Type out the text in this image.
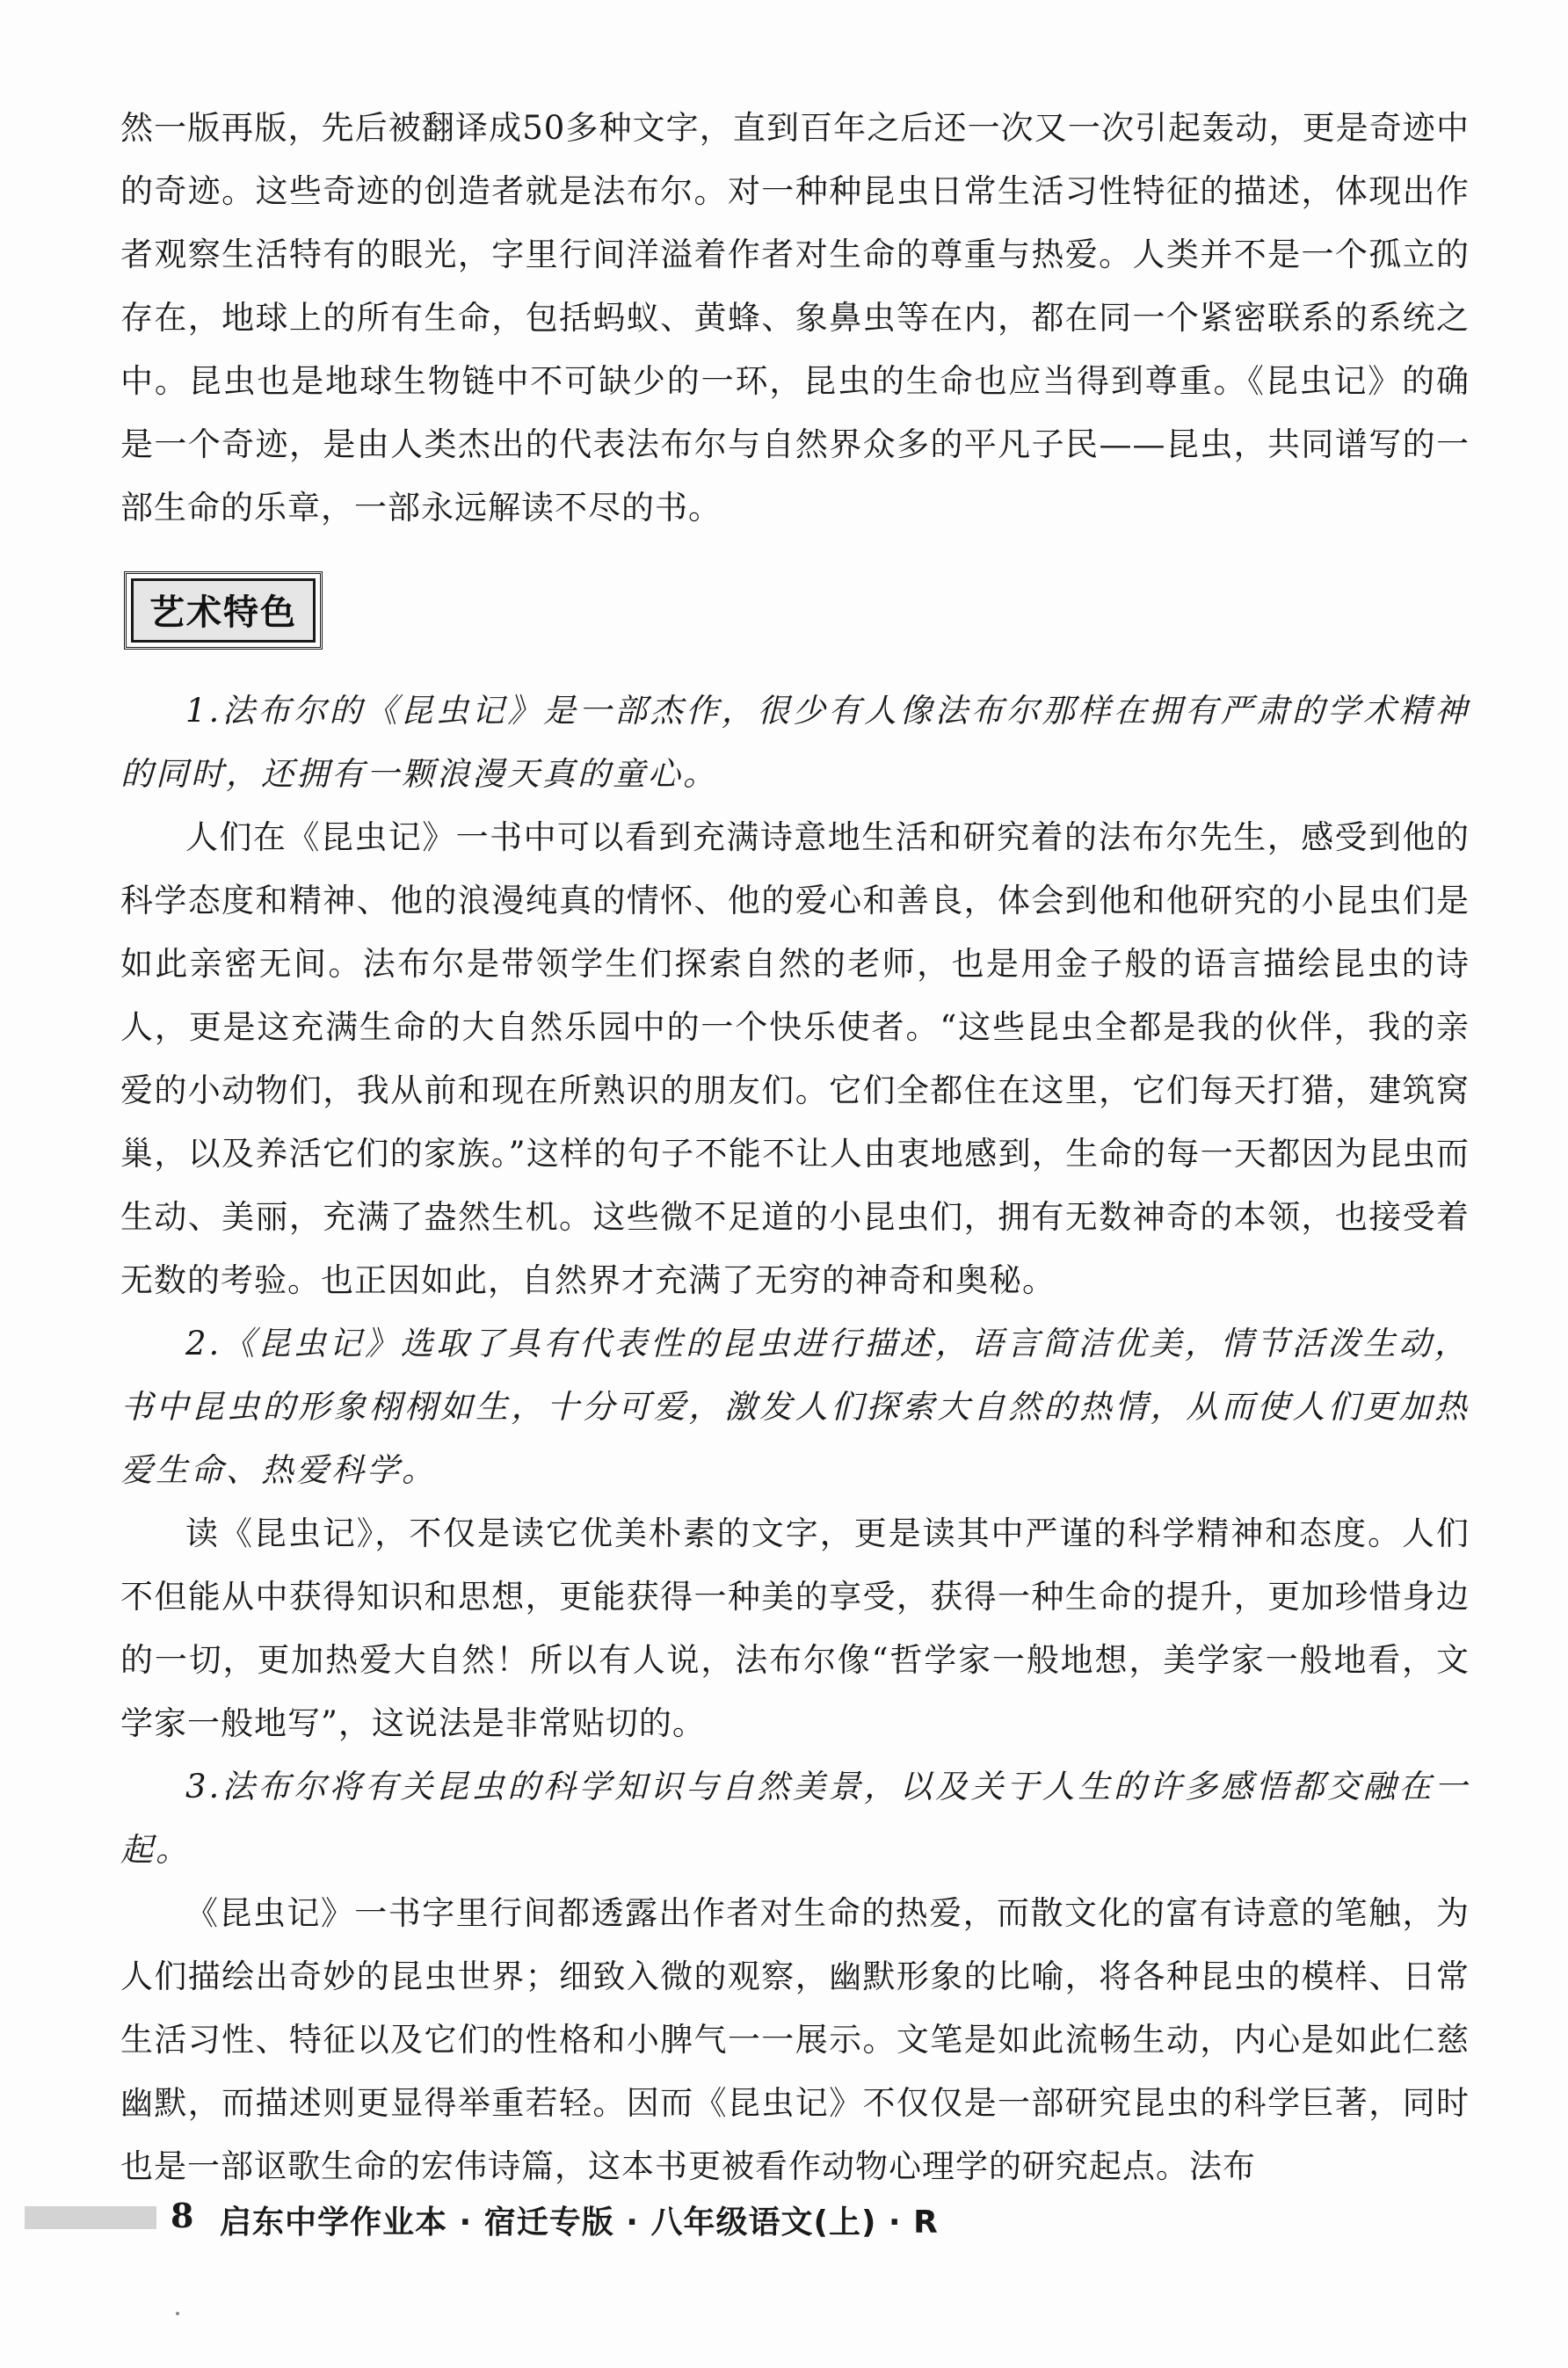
然一版再版，先后被翻译成50多种文字，直到百年之后还一次又一次引起轰动，更是奇迹中的奇迹。这些奇迹的创造者就是法布尔。对一种种昆虫日常生活习性特征的描述，体现出作者观察生活特有的眼光，字里行间洋溢着作者对生命的尊重与热爱。人类并不是一个孤立的存在，地球上的所有生命，包括蚂蚁、黄蜂、象鼻虫等在内，都在同一个紧密联系的系统之中。昆虫也是地球生物链中不可缺少的一环，昆虫的生命也应当得到尊重。《昆虫记》的确是一个奇迹，是由人类杰出的代表法布尔与自然界众多的平凡子民——昆虫，共同谱写的一部生命的乐章，一部永远解读不尽的书。

艺术特色

1.法布尔的《昆虫记》是一部杰作，很少有人像法布尔那样在拥有严肃的学术精神的同时，还拥有一颗浪漫天真的童心。

人们在《昆虫记》一书中可以看到充满诗意地生活和研究着的法布尔先生，感受到他的科学态度和精神、他的浪漫纯真的情怀、他的爱心和善良，体会到他和他研究的小昆虫们是如此亲密无间。法布尔是带领学生们探索自然的老师，也是用金子般的语言描绘昆虫的诗人，更是这充满生命的大自然乐园中的一个快乐使者。“这些昆虫全都是我的伙伴，我的亲爱的小动物们，我从前和现在所熟识的朋友们。它们全都住在这里，它们每天打猎，建筑窝巢，以及养活它们的家族。”这样的句子不能不让人由衷地感到，生命的每一天都因为昆虫而生动、美丽，充满了盎然生机。这些微不足道的小昆虫们，拥有无数神奇的本领，也接受着无数的考验。也正因如此，自然界才充满了无穷的神奇和奥秘。

2.《昆虫记》选取了具有代表性的昆虫进行描述，语言简洁优美，情节活泼生动，书中昆虫的形象栩栩如生，十分可爱，激发人们探索大自然的热情，从而使人们更加热爱生命、热爱科学。

读《昆虫记》，不仅是读它优美朴素的文字，更是读其中严谨的科学精神和态度。人们不但能从中获得知识和思想，更能获得一种美的享受，获得一种生命的提升，更加珍惜身边的一切，更加热爱大自然！所以有人说，法布尔像“哲学家一般地想，美学家一般地看，文学家一般地写”，这说法是非常贴切的。

3.法布尔将有关昆虫的科学知识与自然美景，以及关于人生的许多感悟都交融在一起。

《昆虫记》一书字里行间都透露出作者对生命的热爱，而散文化的富有诗意的笔触，为人们描绘出奇妙的昆虫世界；细致入微的观察，幽默形象的比喻，将各种昆虫的模样、日常生活习性、特征以及它们的性格和小脾气一一展示。文笔是如此流畅生动，内心是如此仁慈幽默，而描述则更显得举重若轻。因而《昆虫记》不仅仅是一部研究昆虫的科学巨著，同时也是一部讴歌生命的宏伟诗篇，这本书更被看作动物心理学的研究起点。法布

8 启东中学作业本 · 宿迁专版 · 八年级语文(上) · R
